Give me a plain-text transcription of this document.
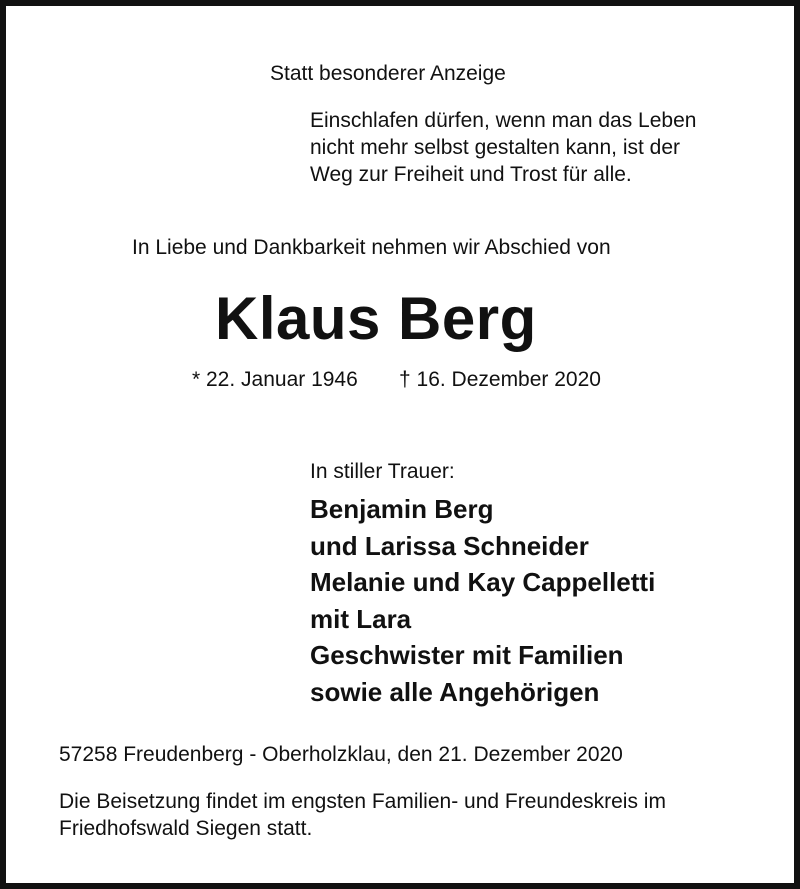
Statt besonderer Anzeige
Einschlafen dürfen, wenn man das Leben
nicht mehr selbst gestalten kann, ist der
Weg zur Freiheit und Trost für alle.
In Liebe und Dankbarkeit nehmen wir Abschied von
Klaus Berg
* 22. Januar 1946 † 16. Dezember 2020
In stiller Trauer:
Benjamin Berg
und Larissa Schneider
Melanie und Kay Cappelletti
mit Lara
Geschwister mit Familien
sowie alle Angehörigen
57258 Freudenberg - Oberholzklau, den 21. Dezember 2020
Die Beisetzung findet im engsten Familien- und Freundeskreis im
Friedhofswald Siegen statt.
